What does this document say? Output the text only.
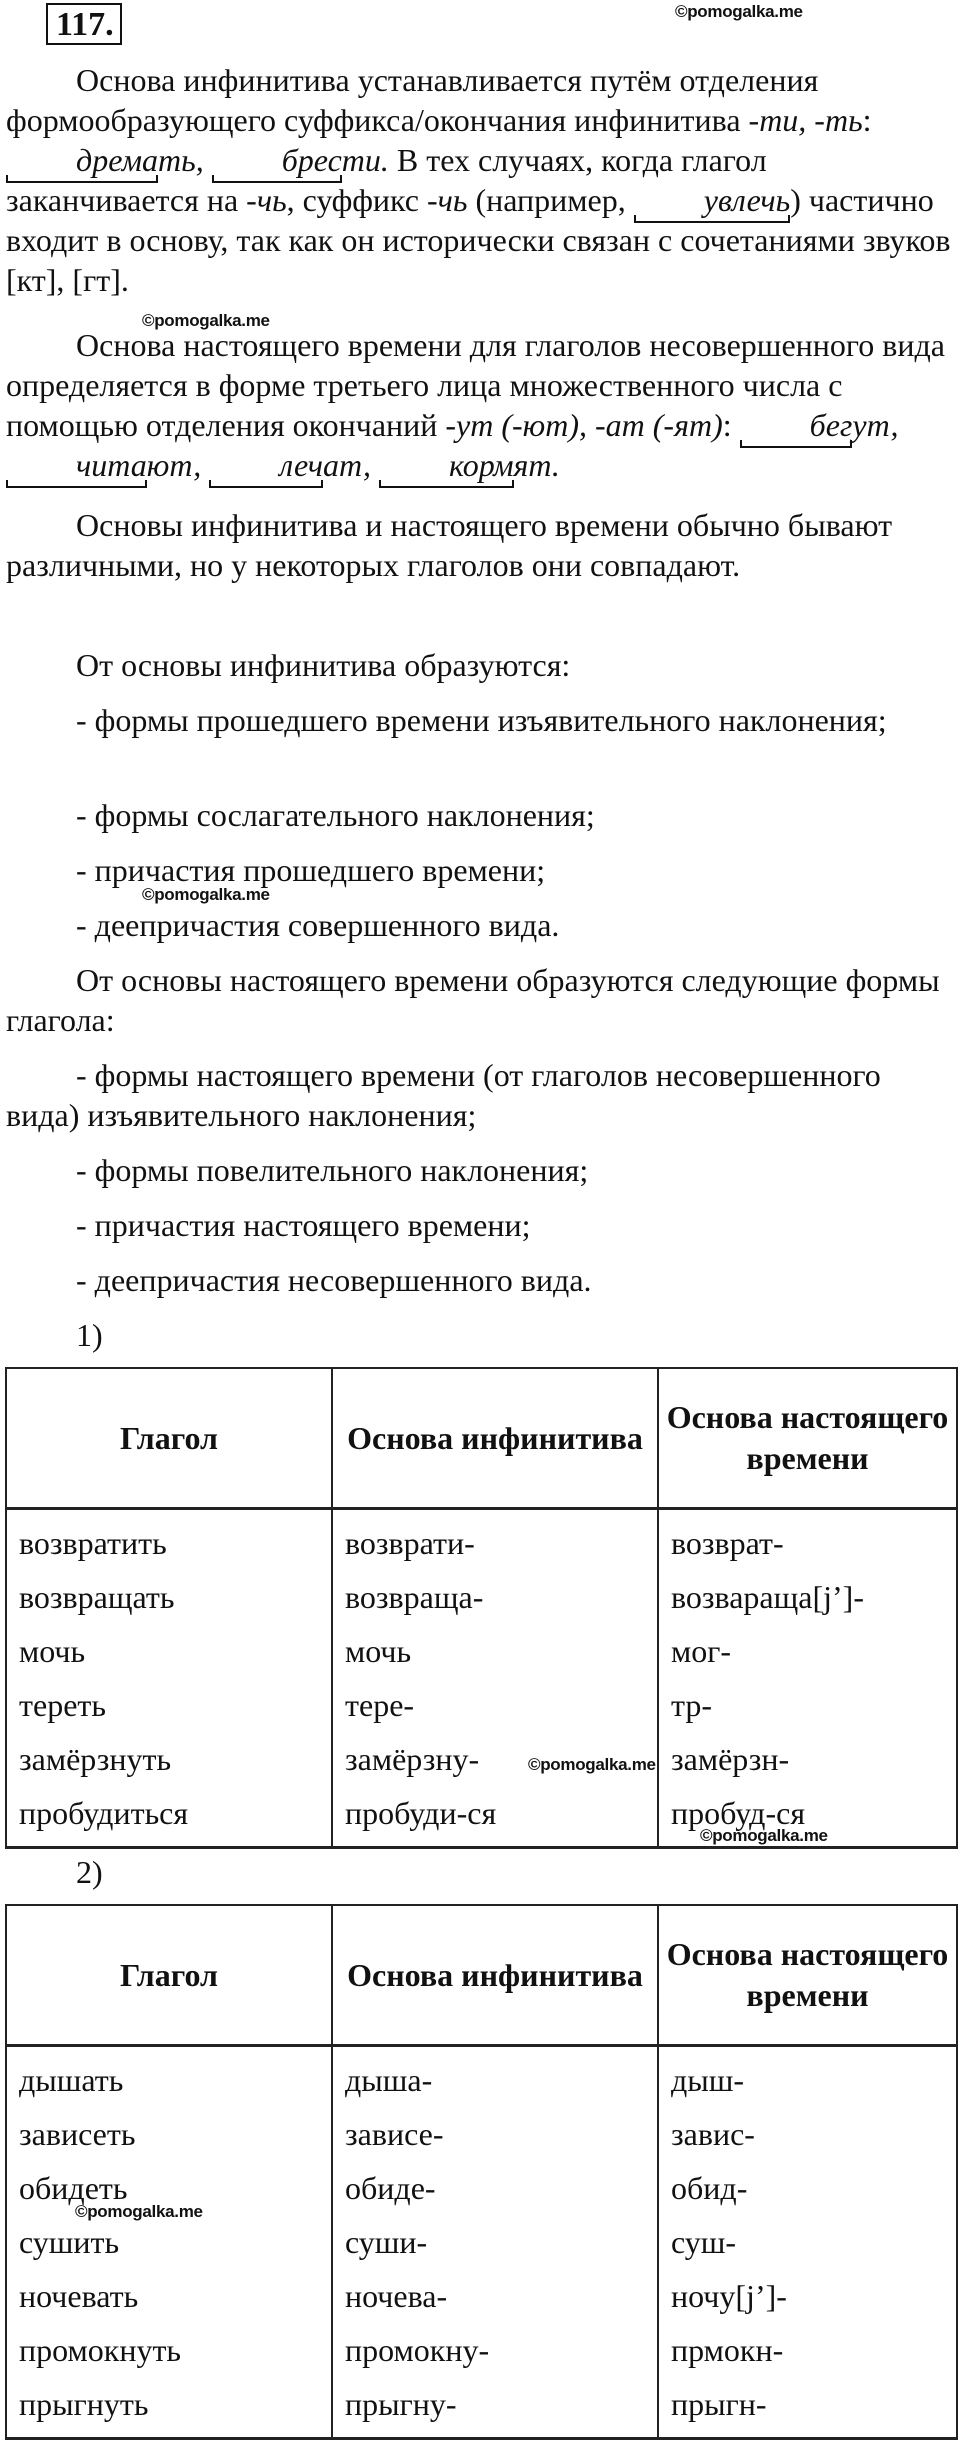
117.	©pomogalka.me
Основа инфинитива устанавливается путём отделения формообразующего суффикса/окончания инфинитива -ти, -ть: дремать, брести. В тех случаях, когда глагол заканчивается на -чь, суффикс -чь (например, увлечь) частично входит в основу, так как он исторически связан с сочетаниями звуков [кт], [гт].
©pomogalka.me
Основа настоящего времени для глаголов несовершенного вида определяется в форме третьего лица множественного числа с помощью отделения окончаний -ут (-ют), -ат (-ят): бегут, читают, лечат, кормят.
Основы инфинитива и настоящего времени обычно бывают различными, но у некоторых глаголов они совпадают.
От основы инфинитива образуются:
- формы прошедшего времени изъявительного наклонения;
- формы сослагательного наклонения;
- причастия прошедшего времени;
©pomogalka.me
- деепричастия совершенного вида.
От основы настоящего времени образуются следующие формы глагола:
- формы настоящего времени (от глаголов несовершенного вида) изъявительного наклонения;
- формы повелительного наклонения;
- причастия настоящего времени;
- деепричастия несовершенного вида.
1)
Глагол	Основа инфинитива	Основа настоящего времени
возвратить	возврати-	возврат-
возвращать	возвраща-	возвараща[j’]-
мочь	мочь	мог-
тереть	тере-	тр-
замёрзнуть	замёрзну-	замёрзн-
пробудиться	пробуди-ся	пробуд-ся
©pomogalka.me
©pomogalka.me
2)
Глагол	Основа инфинитива	Основа настоящего времени
дышать	дыша-	дыш-
зависеть	зависе-	завис-
обидеть	обиде-	обид-
сушить	суши-	суш-
ночевать	ночева-	ночу[j’]-
промокнуть	промокну-	прмокн-
прыгнуть	прыгну-	прыгн-
©pomogalka.me
